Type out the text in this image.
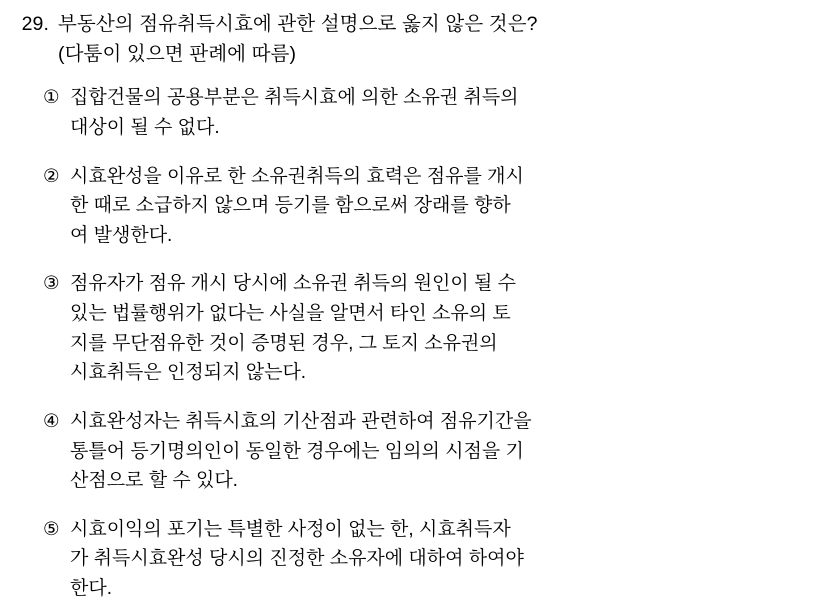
29. 부동산의 점유취득시효에 관한 설명으로 옳지 않은 것은?
(다툼이 있으면 판례에 따름)
① 집합건물의 공용부분은 취득시효에 의한 소유권 취득의
대상이 될 수 없다.
② 시효완성을 이유로 한 소유권취득의 효력은 점유를 개시
한 때로 소급하지 않으며 등기를 함으로써 장래를 향하
여 발생한다.
③ 점유자가 점유 개시 당시에 소유권 취득의 원인이 될 수
있는 법률행위가 없다는 사실을 알면서 타인 소유의 토
지를 무단점유한 것이 증명된 경우, 그 토지 소유권의
시효취득은 인정되지 않는다.
④ 시효완성자는 취득시효의 기산점과 관련하여 점유기간을
통틀어 등기명의인이 동일한 경우에는 임의의 시점을 기
산점으로 할 수 있다.
⑤ 시효이익의 포기는 특별한 사정이 없는 한, 시효취득자
가 취득시효완성 당시의 진정한 소유자에 대하여 하여야
한다.
